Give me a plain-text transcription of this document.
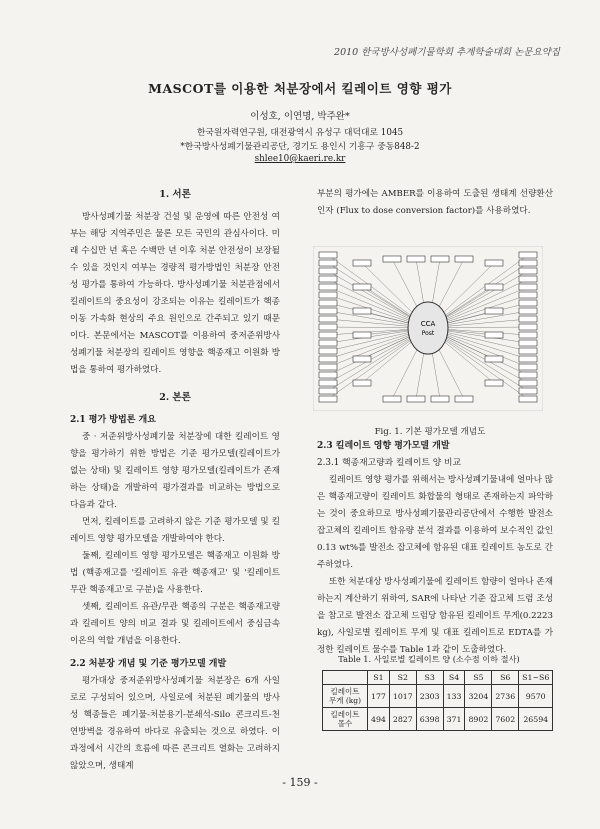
2010 한국방사성폐기물학회 추계학술대회 논문요약집
MASCOT를 이용한 처분장에서 킬레이트 영향 평가
이성호, 이연명, 박주완*
한국원자력연구원, 대전광역시 유성구 대덕대로 1045
*한국방사성폐기물관리공단, 경기도 용인시 기흥구 중동848-2
shlee10@kaeri.re.kr
1. 서론

방사성폐기물 처분장 건설 및 운영에 따른 안전성 여부는 해당 지역주민은 물론 모든 국민의 관심사이다. 미래 수십만 년 혹은 수백만 년 이후 처분 안전성이 보장될 수 있을 것인지 여부는 경량적 평가방법인 처분장 안전성 평가를 통하여 가능하다. 방사성폐기물 처분관점에서 킬레이트의 중요성이 강조되는 이유는 킬레이트가 핵종이동 가속화 현상의 주요 원인으로 간주되고 있기 때문이다. 본문에서는 MASCOT를 이용하여 중저준위방사성폐기물 처분장의 킬레이트 영향을 핵종재고 이원화 방법을 통하여 평가하였다.

2. 본론
2.1 평가 방법론 개요

중 · 저준위방사성폐기물 처분장에 대한 킬레이트 영향을 평가하기 위한 방법은 기준 평가모델(킬레이트가 없는 상태) 및 킬레이트 영향 평가모델(킬레이트가 존재하는 상태)을 개발하여 평가결과를 비교하는 방법으로 다음과 같다.

먼저, 킬레이트를 고려하지 않은 기준 평가모델 및 킬레이트 영향 평가모델을 개발하여야 한다.

둘째, 킬레이트 영향 평가모델은 핵종재고 이원화 방법 (핵종재고를 '킬레이트 유관 핵종재고' 및 '킬레이트 무관 핵종재고'로 구분)을 사용한다.

셋째, 킬레이트 유관/무관 핵종의 구분은 핵종재고량과 킬레이트 양의 비교 결과 및 킬레이트에서 중심금속이온의 역할 개념을 이용한다.

2.2 처분장 개념 및 기준 평가모델 개발

평가대상 중저준위방사성폐기물 처분장은 6개 사일로로 구성되어 있으며, 사일로에 처분된 폐기물의 방사성 핵종들은 폐기물-처분용기-분쇄석-Silo 콘크리트-천연방벽을 경유하여 바다로 유출되는 것으로 하였다. 이 과정에서 시간의 흐름에 따른 콘크리트 열화는 고려하지 않았으며, 생태계

부분의 평가에는 AMBER를 이용하여 도출된 생태계 선량환산인자 (Flux to dose conversion factor)를 사용하였다.

CCA
Post
Fig. 1. 기본 평가모델 개념도
2.3 킬레이트 영향 평가모델 개발
2.3.1 핵종재고량과 킬레이트 양 비교

킬레이트 영향 평가를 위해서는 방사성폐기물내에 얼마나 많은 핵종재고량이 킬레이트 화합물의 형태로 존재하는지 파악하는 것이 중요하므로 방사성폐기물관리공단에서 수행한 발전소 잡고체의 킬레이트 함유량 분석 결과를 이용하여 보수적인 값인 0.13 wt%를 발전소 잡고체에 함유된 대표 킬레이트 농도로 간주하였다.

또한 처분대상 방사성폐기물에 킬레이트 함량이 얼마나 존재하는지 계산하기 위하여, SAR에 나타난 기준 잡고체 드럼 조성을 참고로 발전소 잡고체 드럼당 함유된 킬레이트 무게(0.2223 kg), 사일로별 킬레이트 무게 및 대표 킬레이트로 EDTA를 가정한 킬레이트 물수를 Table 1과 같이 도출하였다.

Table 1. 사일로별 킬레이트 양 (소수점 이하 절사)
	S1	S2	S3	S4	S5	S6	S1~S6
킬레이트 무게 (kg)	177	1017	2303	133	3204	2736	9570
킬레이트 몰수	494	2827	6398	371	8902	7602	26594
- 159 -
